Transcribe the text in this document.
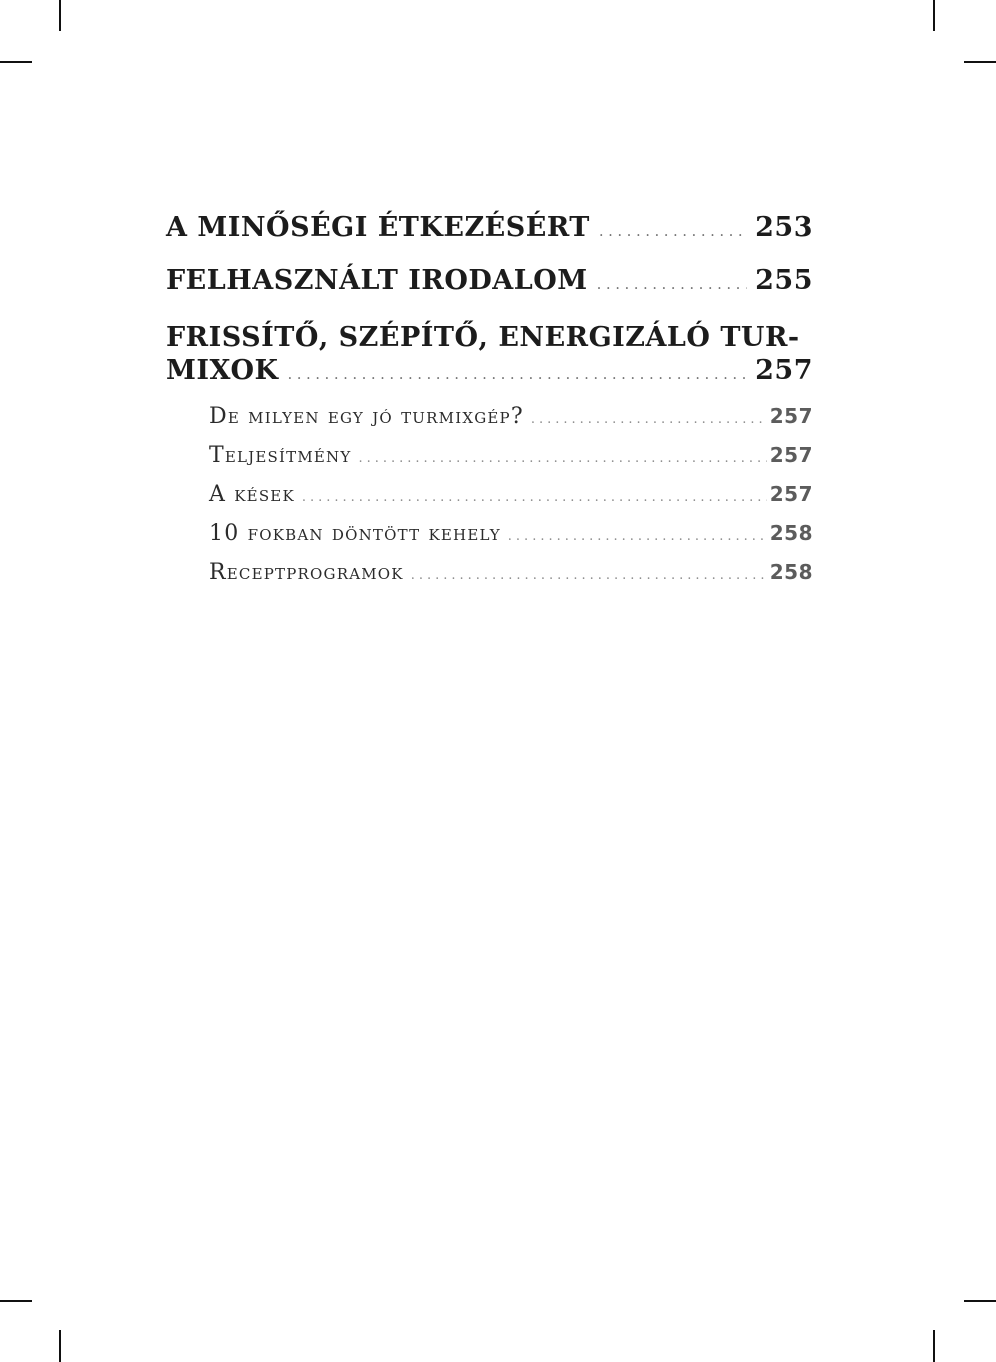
A MINŐSÉGI ÉTKEZÉSÉRT .....	253
FELHASZNÁLT IRODALOM .....	255
FRISSÍTŐ, SZÉPÍTŐ, ENERGIZÁLÓ TUR-
MIXOK .....	257
De milyen egy jó turmixgép? .....	257
Teljesítmény .....	257
A kések .....	257
10 fokban döntött kehely .....	258
Receptprogramok .....	258
